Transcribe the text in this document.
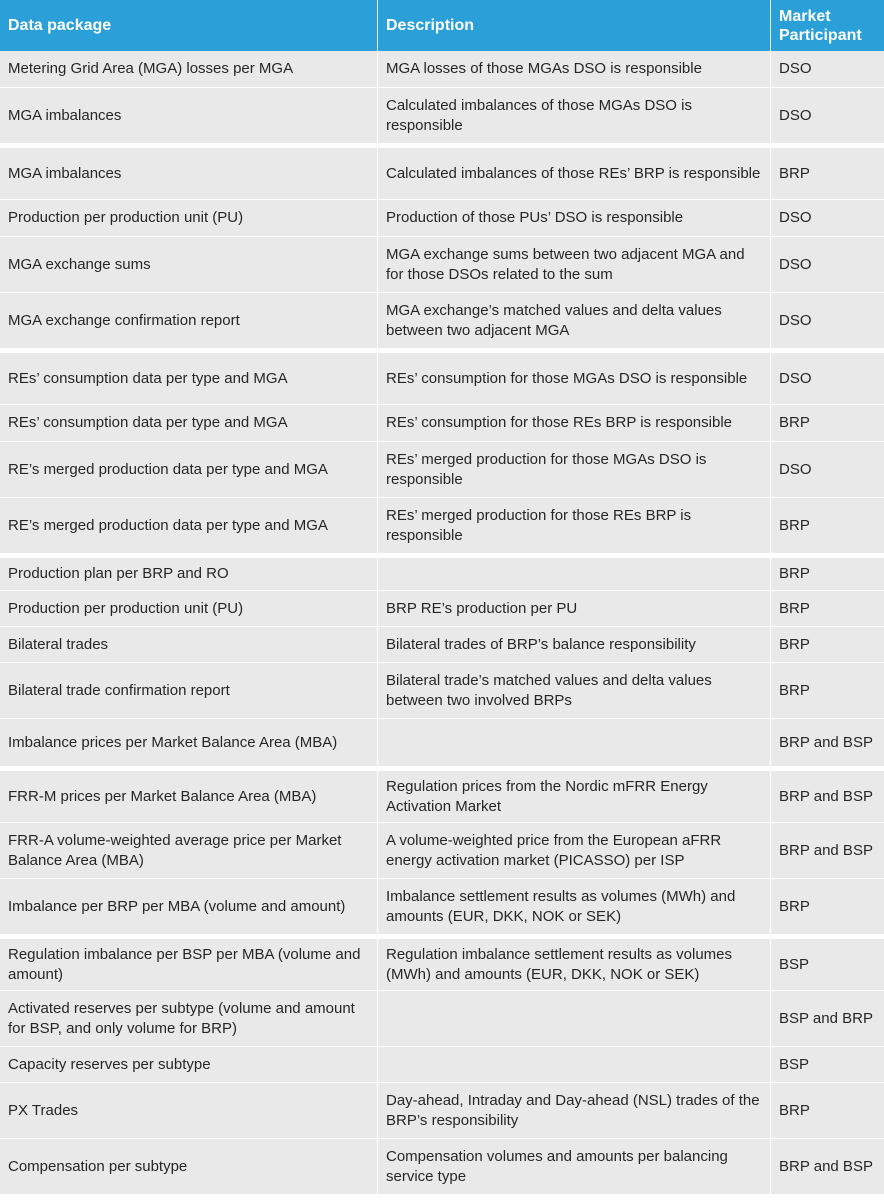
Data package	Description	Market Participant
Metering Grid Area (MGA) losses per MGA	MGA losses of those MGAs DSO is responsible	DSO
MGA imbalances	Calculated imbalances of those MGAs DSO is responsible	DSO
MGA imbalances	Calculated imbalances of those REs’ BRP is responsible	BRP
Production per production unit (PU)	Production of those PUs’ DSO is responsible	DSO
MGA exchange sums	MGA exchange sums between two adjacent MGA and for those DSOs related to the sum	DSO
MGA exchange confirmation report	MGA exchange’s matched values and delta values between two adjacent MGA	DSO
REs’ consumption data per type and MGA	REs’ consumption for those MGAs DSO is responsible	DSO
REs’ consumption data per type and MGA	REs’ consumption for those REs BRP is responsible	BRP
RE’s merged production data per type and MGA	REs’ merged production for those MGAs DSO is responsible	DSO
RE’s merged production data per type and MGA	REs’ merged production for those REs BRP is responsible	BRP
Production plan per BRP and RO		BRP
Production per production unit (PU)	BRP RE’s production per PU	BRP
Bilateral trades	Bilateral trades of BRP’s balance responsibility	BRP
Bilateral trade confirmation report	Bilateral trade’s matched values and delta values between two involved BRPs	BRP
Imbalance prices per Market Balance Area (MBA)		BRP and BSP
FRR-M prices per Market Balance Area (MBA)	Regulation prices from the Nordic mFRR Energy Activation Market	BRP and BSP
FRR-A volume-weighted average price per Market Balance Area (MBA)	A volume-weighted price from the European aFRR energy activation market (PICASSO) per ISP	BRP and BSP
Imbalance per BRP per MBA (volume and amount)	Imbalance settlement results as volumes (MWh) and amounts (EUR, DKK, NOK or SEK)	BRP
Regulation imbalance per BSP per MBA (volume and amount)	Regulation imbalance settlement results as volumes (MWh) and amounts (EUR, DKK, NOK or SEK)	BSP
Activated reserves per subtype (volume and amount for BSP, and only volume for BRP)		BSP and BRP
Capacity reserves per subtype		BSP
PX Trades	Day-ahead, Intraday and Day-ahead (NSL) trades of the BRP’s responsibility	BRP
Compensation per subtype	Compensation volumes and amounts per balancing service type	BRP and BSP
